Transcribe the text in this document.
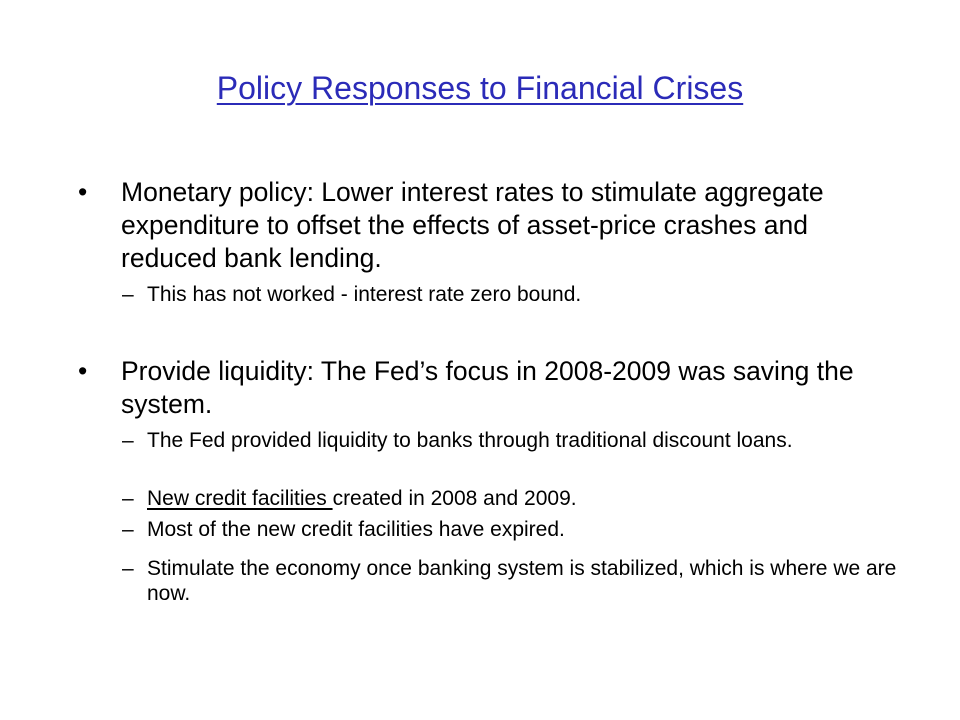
Policy Responses to Financial Crises
• Monetary policy: Lower interest rates to stimulate aggregate expenditure to offset the effects of asset-price crashes and reduced bank lending.
– This has not worked - interest rate zero bound.
• Provide liquidity: The Fed’s focus in 2008-2009 was saving the system.
– The Fed provided liquidity to banks through traditional discount loans.
– New credit facilities created in 2008 and 2009.
– Most of the new credit facilities have expired.
– Stimulate the economy once banking system is stabilized, which is where we are now.
